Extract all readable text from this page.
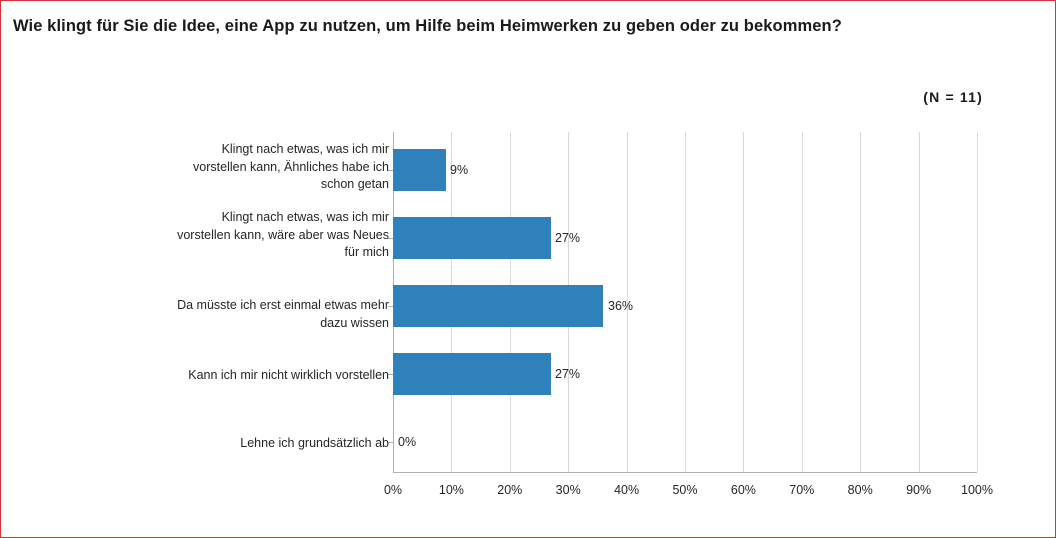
Wie klingt für Sie die Idee, eine App zu nutzen, um Hilfe beim Heimwerken zu geben oder zu bekommen?
(N = 11)
9%
27%
36%
27%
0%
Klingt nach etwas, was ich mir
vorstellen kann, Ähnliches habe ich
schon getan
Klingt nach etwas, was ich mir
vorstellen kann, wäre aber was Neues
für mich
Da müsste ich erst einmal etwas mehr
dazu wissen
Kann ich mir nicht wirklich vorstellen
Lehne ich grundsätzlich ab
0%	10%	20%	30%	40%	50%	60%	70%	80%	90% 100%
